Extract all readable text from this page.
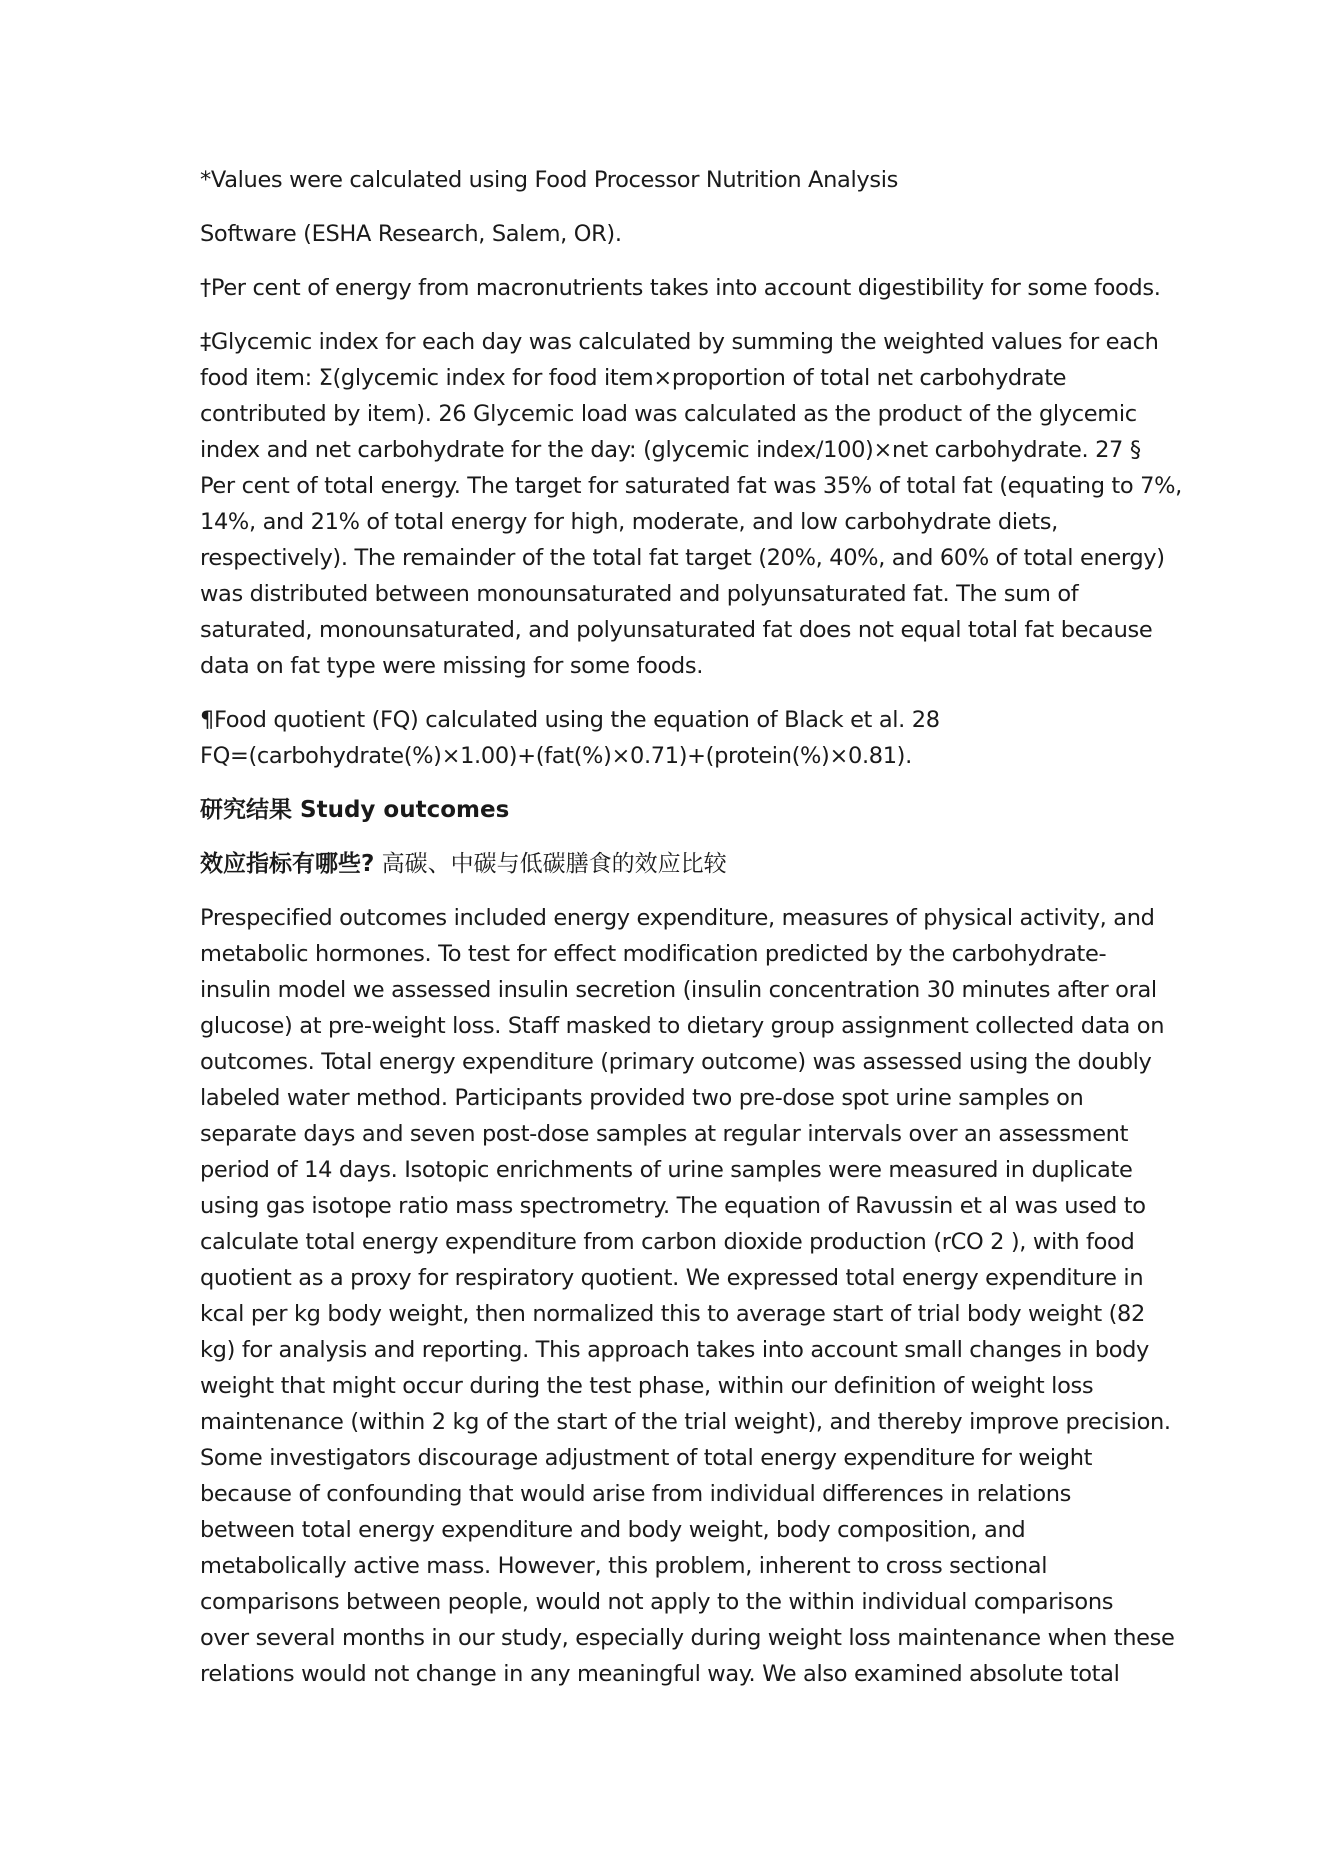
*Values were calculated using Food Processor Nutrition Analysis
Software (ESHA Research, Salem, OR).
†Per cent of energy from macronutrients takes into account digestibility for some foods.
‡Glycemic index for each day was calculated by summing the weighted values for each
food item: Σ(glycemic index for food item×proportion of total net carbohydrate
contributed by item). 26 Glycemic load was calculated as the product of the glycemic
index and net carbohydrate for the day: (glycemic index/100)×net carbohydrate. 27 §
Per cent of total energy. The target for saturated fat was 35% of total fat (equating to 7%,
14%, and 21% of total energy for high, moderate, and low carbohydrate diets,
respectively). The remainder of the total fat target (20%, 40%, and 60% of total energy)
was distributed between monounsaturated and polyunsaturated fat. The sum of
saturated, monounsaturated, and polyunsaturated fat does not equal total fat because
data on fat type were missing for some foods.
¶Food quotient (FQ) calculated using the equation of Black et al. 28
FQ=(carbohydrate(%)×1.00)+(fat(%)×0.71)+(protein(%)×0.81).
研究结果 Study outcomes
效应指标有哪些? 高碳、中碳与低碳膳食的效应比较
Prespecified outcomes included energy expenditure, measures of physical activity, and
metabolic hormones. To test for effect modification predicted by the carbohydrate-
insulin model we assessed insulin secretion (insulin concentration 30 minutes after oral
glucose) at pre-weight loss. Staff masked to dietary group assignment collected data on
outcomes. Total energy expenditure (primary outcome) was assessed using the doubly
labeled water method. Participants provided two pre-dose spot urine samples on
separate days and seven post-dose samples at regular intervals over an assessment
period of 14 days. Isotopic enrichments of urine samples were measured in duplicate
using gas isotope ratio mass spectrometry. The equation of Ravussin et al was used to
calculate total energy expenditure from carbon dioxide production (rCO 2 ), with food
quotient as a proxy for respiratory quotient. We expressed total energy expenditure in
kcal per kg body weight, then normalized this to average start of trial body weight (82
kg) for analysis and reporting. This approach takes into account small changes in body
weight that might occur during the test phase, within our definition of weight loss
maintenance (within 2 kg of the start of the trial weight), and thereby improve precision.
Some investigators discourage adjustment of total energy expenditure for weight
because of confounding that would arise from individual differences in relations
between total energy expenditure and body weight, body composition, and
metabolically active mass. However, this problem, inherent to cross sectional
comparisons between people, would not apply to the within individual comparisons
over several months in our study, especially during weight loss maintenance when these
relations would not change in any meaningful way. We also examined absolute total
